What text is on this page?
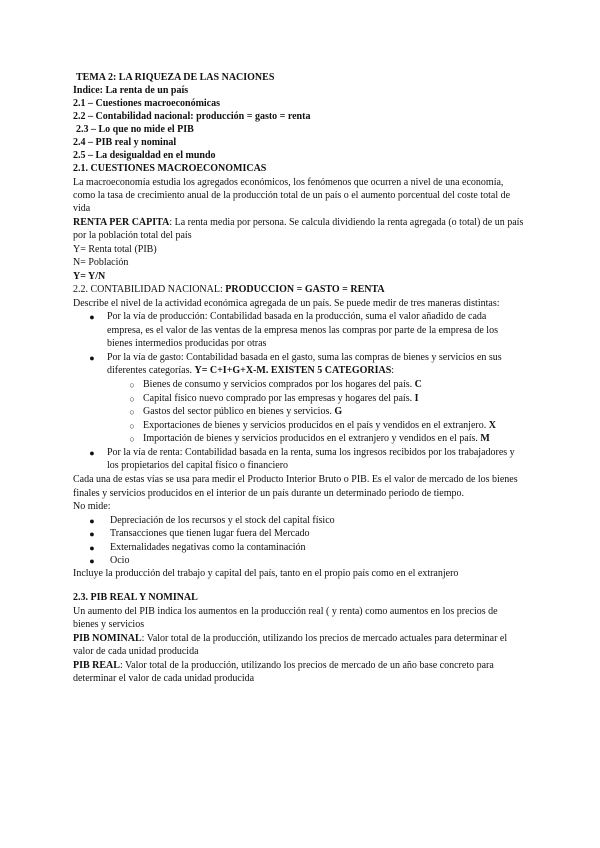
TEMA 2: LA RIQUEZA DE LAS NACIONES
Índice: La renta de un país
2.1 – Cuestiones macroeconómicas
2.2 – Contabilidad nacional: producción = gasto = renta
2.3 – Lo que no mide el PIB
2.4 – PIB real y nominal
2.5 – La desigualdad en el mundo
2.1. CUESTIONES MACROECONÓMICAS
La macroeconomía estudia los agregados económicos, los fenómenos que ocurren a nivel de una economía,
como la tasa de crecimiento anual de la producción total de un país o el aumento porcentual del coste total de
vida
RENTA PER CÁPITA: La renta media por persona. Se calcula dividiendo la renta agregada (o total) de un país
por la población total del país
Y= Renta total (PIB)
N= Población
Y= Y/N
2.2. CONTABILIDAD NACIONAL: PRODUCCIÓN = GASTO = RENTA
Describe el nivel de la actividad económica agregada de un país. Se puede medir de tres maneras distintas:
●	Por la vía de producción: Contabilidad basada en la producción, suma el valor añadido de cada
empresa, es el valor de las ventas de la empresa menos las compras por parte de la empresa de los
bienes intermedios producidas por otras
●	Por la vía de gasto: Contabilidad basada en el gasto, suma las compras de bienes y servicios en sus
diferentes categorías. Y= C+I+G+X-M. EXISTEN 5 CATEGORÍAS:
○ Bienes de consumo y servicios comprados por los hogares del país. C
○ Capital físico nuevo comprado por las empresas y hogares del país. I
○ Gastos del sector público en bienes y servicios. G
○ Exportaciones de bienes y servicios producidos en el país y vendidos en el extranjero. X
○ Importación de bienes y servicios producidos en el extranjero y vendidos en el país. M
●	Por la vía de renta: Contabilidad basada en la renta, suma los ingresos recibidos por los trabajadores y
los propietarios del capital físico o financiero
Cada una de estas vías se usa para medir el Producto Interior Bruto o PIB. Es el valor de mercado de los bienes
finales y servicios producidos en el interior de un país durante un determinado periodo de tiempo.
No mide:
●	Depreciación de los recursos y el stock del capital físico
●	Transacciones que tienen lugar fuera del Mercado
●	Externalidades negativas como la contaminación
●	Ocio
Incluye la producción del trabajo y capital del país, tanto en el propio país como en el extranjero
2.3. PIB REAL Y NOMINAL
Un aumento del PIB indica los aumentos en la producción real ( y renta) como aumentos en los precios de
bienes y servicios
PIB NOMINAL: Valor total de la producción, utilizando los precios de mercado actuales para determinar el
valor de cada unidad producida
PIB REAL: Valor total de la producción, utilizando los precios de mercado de un año base concreto para
determinar el valor de cada unidad producida
